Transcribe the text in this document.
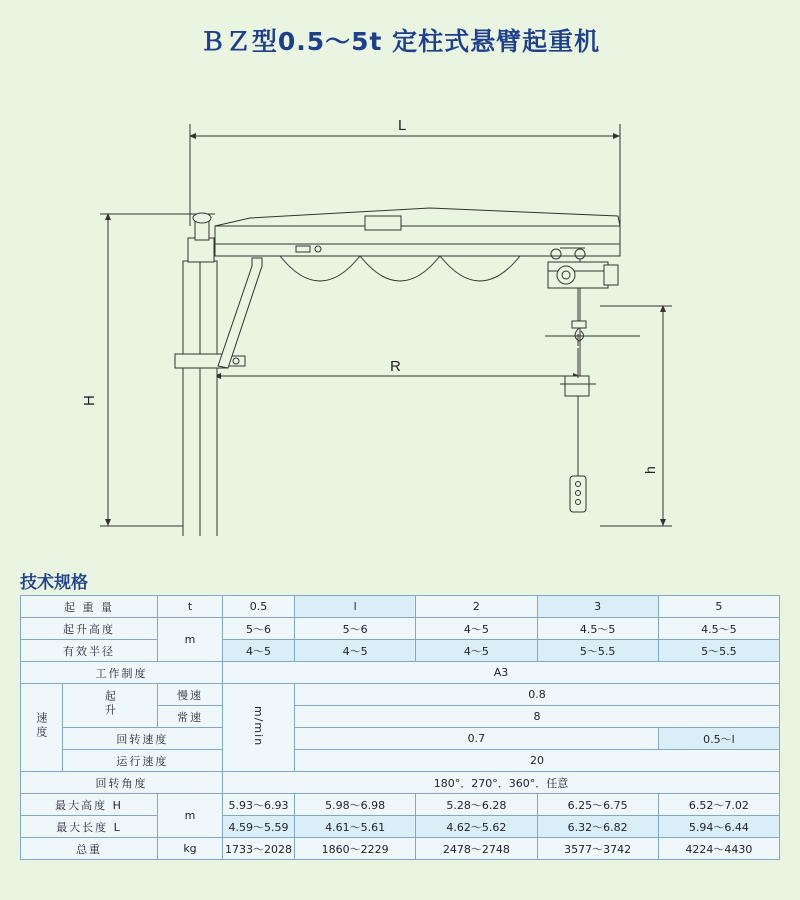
ＢＺ型0.5～5t 定柱式悬臂起重机
L
R
H
h
技术规格
起 重 量		t	0.5	l	2	3	5
起升高度		m	5～6	5～6	4～5	4.5～5	4.5～5
有效半径			4～5	4～5	4～5	5～5.5	5～5.5
工作制度			A3				
速度	起升	慢速	m/min	0.8			
		常速		8			
	回转速度			0.7			0.5～l
	运行速度			20			
回转角度			180°．270°．360°．任意				
最大高度 H		m	5.93～6.93	5.98～6.98	5.28～6.28	6.25～6.75	6.52～7.02
最大长度 L			4.59～5.59	4.61～5.61	4.62～5.62	6.32～6.82	5.94～6.44
总重		kg	1733～2028	1860～2229	2478～2748	3577～3742	4224～4430
